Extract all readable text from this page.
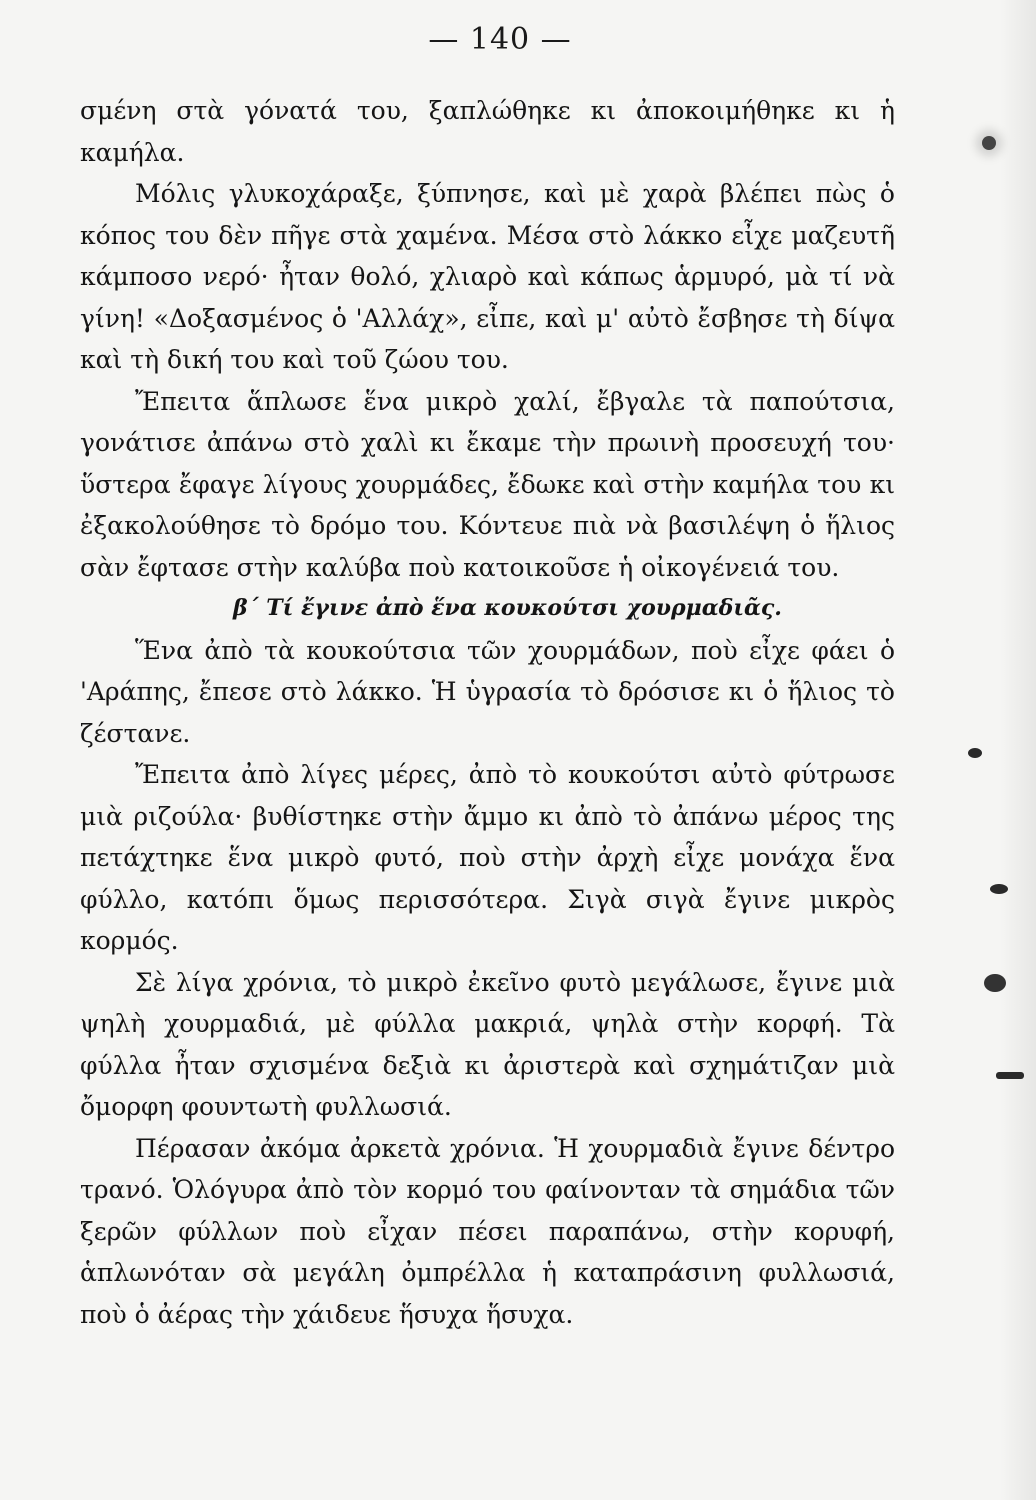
— 140 —

σμένη στὰ γόνατά του, ξαπλώθηκε κι ἀποκοιμήθηκε κι ἡ καμήλα.

Μόλις γλυκοχάραξε, ξύπνησε, καὶ μὲ χαρὰ βλέπει πὼς ὁ κόπος του δὲν πῆγε στὰ χαμένα. Μέσα στὸ λάκκο εἶχε μαζευτῆ κάμποσο νερό· ἦταν θολό, χλιαρὸ καὶ κάπως ἁρμυρό, μὰ τί νὰ γίνη! «Δοξασμένος ὁ 'Αλλάχ», εἶπε, καὶ μ' αὐτὸ ἔσβησε τὴ δίψα καὶ τὴ δική του καὶ τοῦ ζώου του.

Ἔπειτα ἅπλωσε ἕνα μικρὸ χαλί, ἔβγαλε τὰ παπούτσια, γονάτισε ἀπάνω στὸ χαλὶ κι ἔκαμε τὴν πρωινὴ προσευχή του· ὕστερα ἔφαγε λίγους χουρμάδες, ἔδωκε καὶ στὴν καμήλα του κι ἐξακολούθησε τὸ δρόμο του. Κόντευε πιὰ νὰ βασιλέψη ὁ ἥλιος σὰν ἔφτασε στὴν καλύβα ποὺ κατοικοῦσε ἡ οἰκογένειά του.

β΄ Τί ἔγινε ἀπὸ ἕνα κουκούτσι χουρμαδιᾶς.

Ἕνα ἀπὸ τὰ κουκούτσια τῶν χουρμάδων, ποὺ εἶχε φάει ὁ 'Αράπης, ἔπεσε στὸ λάκκο. Ἡ ὑγρασία τὸ δρόσισε κι ὁ ἥλιος τὸ ζέστανε.

Ἔπειτα ἀπὸ λίγες μέρες, ἀπὸ τὸ κουκούτσι αὐτὸ φύτρωσε μιὰ ριζούλα· βυθίστηκε στὴν ἄμμο κι ἀπὸ τὸ ἀπάνω μέρος της πετάχτηκε ἕνα μικρὸ φυτό, ποὺ στὴν ἀρχὴ εἶχε μονάχα ἕνα φύλλο, κατόπι ὅμως περισσότερα. Σιγὰ σιγὰ ἔγινε μικρὸς κορμός.

Σὲ λίγα χρόνια, τὸ μικρὸ ἐκεῖνο φυτὸ μεγάλωσε, ἔγινε μιὰ ψηλὴ χουρμαδιά, μὲ φύλλα μακριά, ψηλὰ στὴν κορφή. Τὰ φύλλα ἦταν σχισμένα δεξιὰ κι ἀριστερὰ καὶ σχημάτιζαν μιὰ ὄμορφη φουντωτὴ φυλλωσιά.

Πέρασαν ἀκόμα ἀρκετὰ χρόνια. Ἡ χουρμαδιὰ ἔγινε δέντρο τρανό. Ὁλόγυρα ἀπὸ τὸν κορμό του φαίνονταν τὰ σημάδια τῶν ξερῶν φύλλων ποὺ εἶχαν πέσει παραπάνω, στὴν κορυφή, ἁπλωνόταν σὰ μεγάλη ὀμπρέλλα ἡ καταπράσινη φυλλωσιά, ποὺ ὁ ἀέρας τὴν χάιδευε ἥσυχα ἥσυχα.
